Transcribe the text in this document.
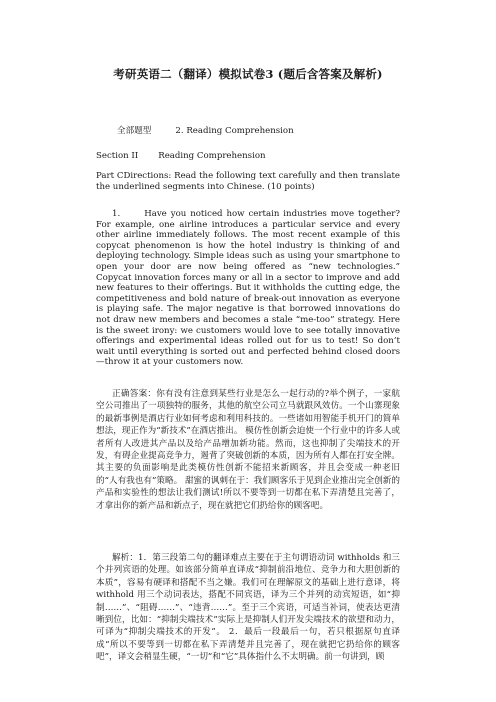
考研英语二（翻译）模拟试卷3 (题后含答案及解析)
全部题型	2. Reading Comprehension
Section II Reading Comprehension
Part CDirections: Read the following text carefully and then translate the underlined segments into Chinese. (10 points)
1.	Have you noticed how certain industries move together? For example, one airline introduces a particular service and every other airline immediately follows. The most recent example of this copycat phenomenon is how the hotel industry is thinking of and deploying technology. Simple ideas such as using your smartphone to open your door are now being offered as “new technologies.” Copycat innovation forces many or all in a sector to improve and add new features to their offerings. But it withholds the cutting edge, the competitiveness and bold nature of break-out innovation as everyone is playing safe. The major negative is that borrowed innovations do not draw new members and becomes a stale “me-too” strategy. Here is the sweet irony: we customers would love to see totally innovative offerings and experimental ideas rolled out for us to test! So don’t wait until everything is sorted out and perfected behind closed doors—throw it at your customers now.
正确答案：你有没有注意到某些行业是怎么一起行动的?举个例子，一家航空公司推出了一项独特的服务，其他的航空公司立马就跟风效仿。一个山寨现象的最新事例是酒店行业如何考虑和利用科技的。一些诸如用智能手机开门的简单想法，现正作为“新技术”在酒店推出。 模仿性创新会迫使一个行业中的许多人或者所有人改进其产品以及给产品增加新功能。然而，这也抑制了尖端技术的开发，有碍企业提高竞争力，遏背了突破创新的本质，因为所有人都在打安全牌。其主要的负面影响是此类模仿性创新不能招来新顾客，并且会变成一种老旧的“人有我也有”策略。 甜蜜的讽刺在于：我们顾客乐于见到企业推出完全创新的产品和实验性的想法让我们测试!所以不要等到一切都在私下弄清楚且完善了，才拿出你的新产品和新点子，现在就把它们扔给你的顾客吧。
解析：1．第三段第二句的翻译难点主要在于主句谓语动词 withholds 和三个并列宾语的处理。如该部分简单直译成“抑制前沿地位、竞争力和大胆创新的本质”，容易有硬译和搭配不当之嫌。我们可在理解原文的基础上进行意译，将 withhold 用三个动词表达，搭配不同宾语，译为三个并列的动宾短语，如“抑制……”、“阻碍……”、“违背……”。至于三个宾语，可适当补词，使表达更清晰到位，比如：“抑制尖端技术”实际上是抑制人们开发尖端技术的欲望和动力，可译为“抑制尖端技术的开发”。 2．最后一段最后一句，若只根据原句直译成“所以不要等到一切都在私下弄清楚并且完善了，现在就把它扔给你的顾客吧”，译文会稍显生硬，“一切”和“它”具体指什么不太明确。前一句讲到，顾
